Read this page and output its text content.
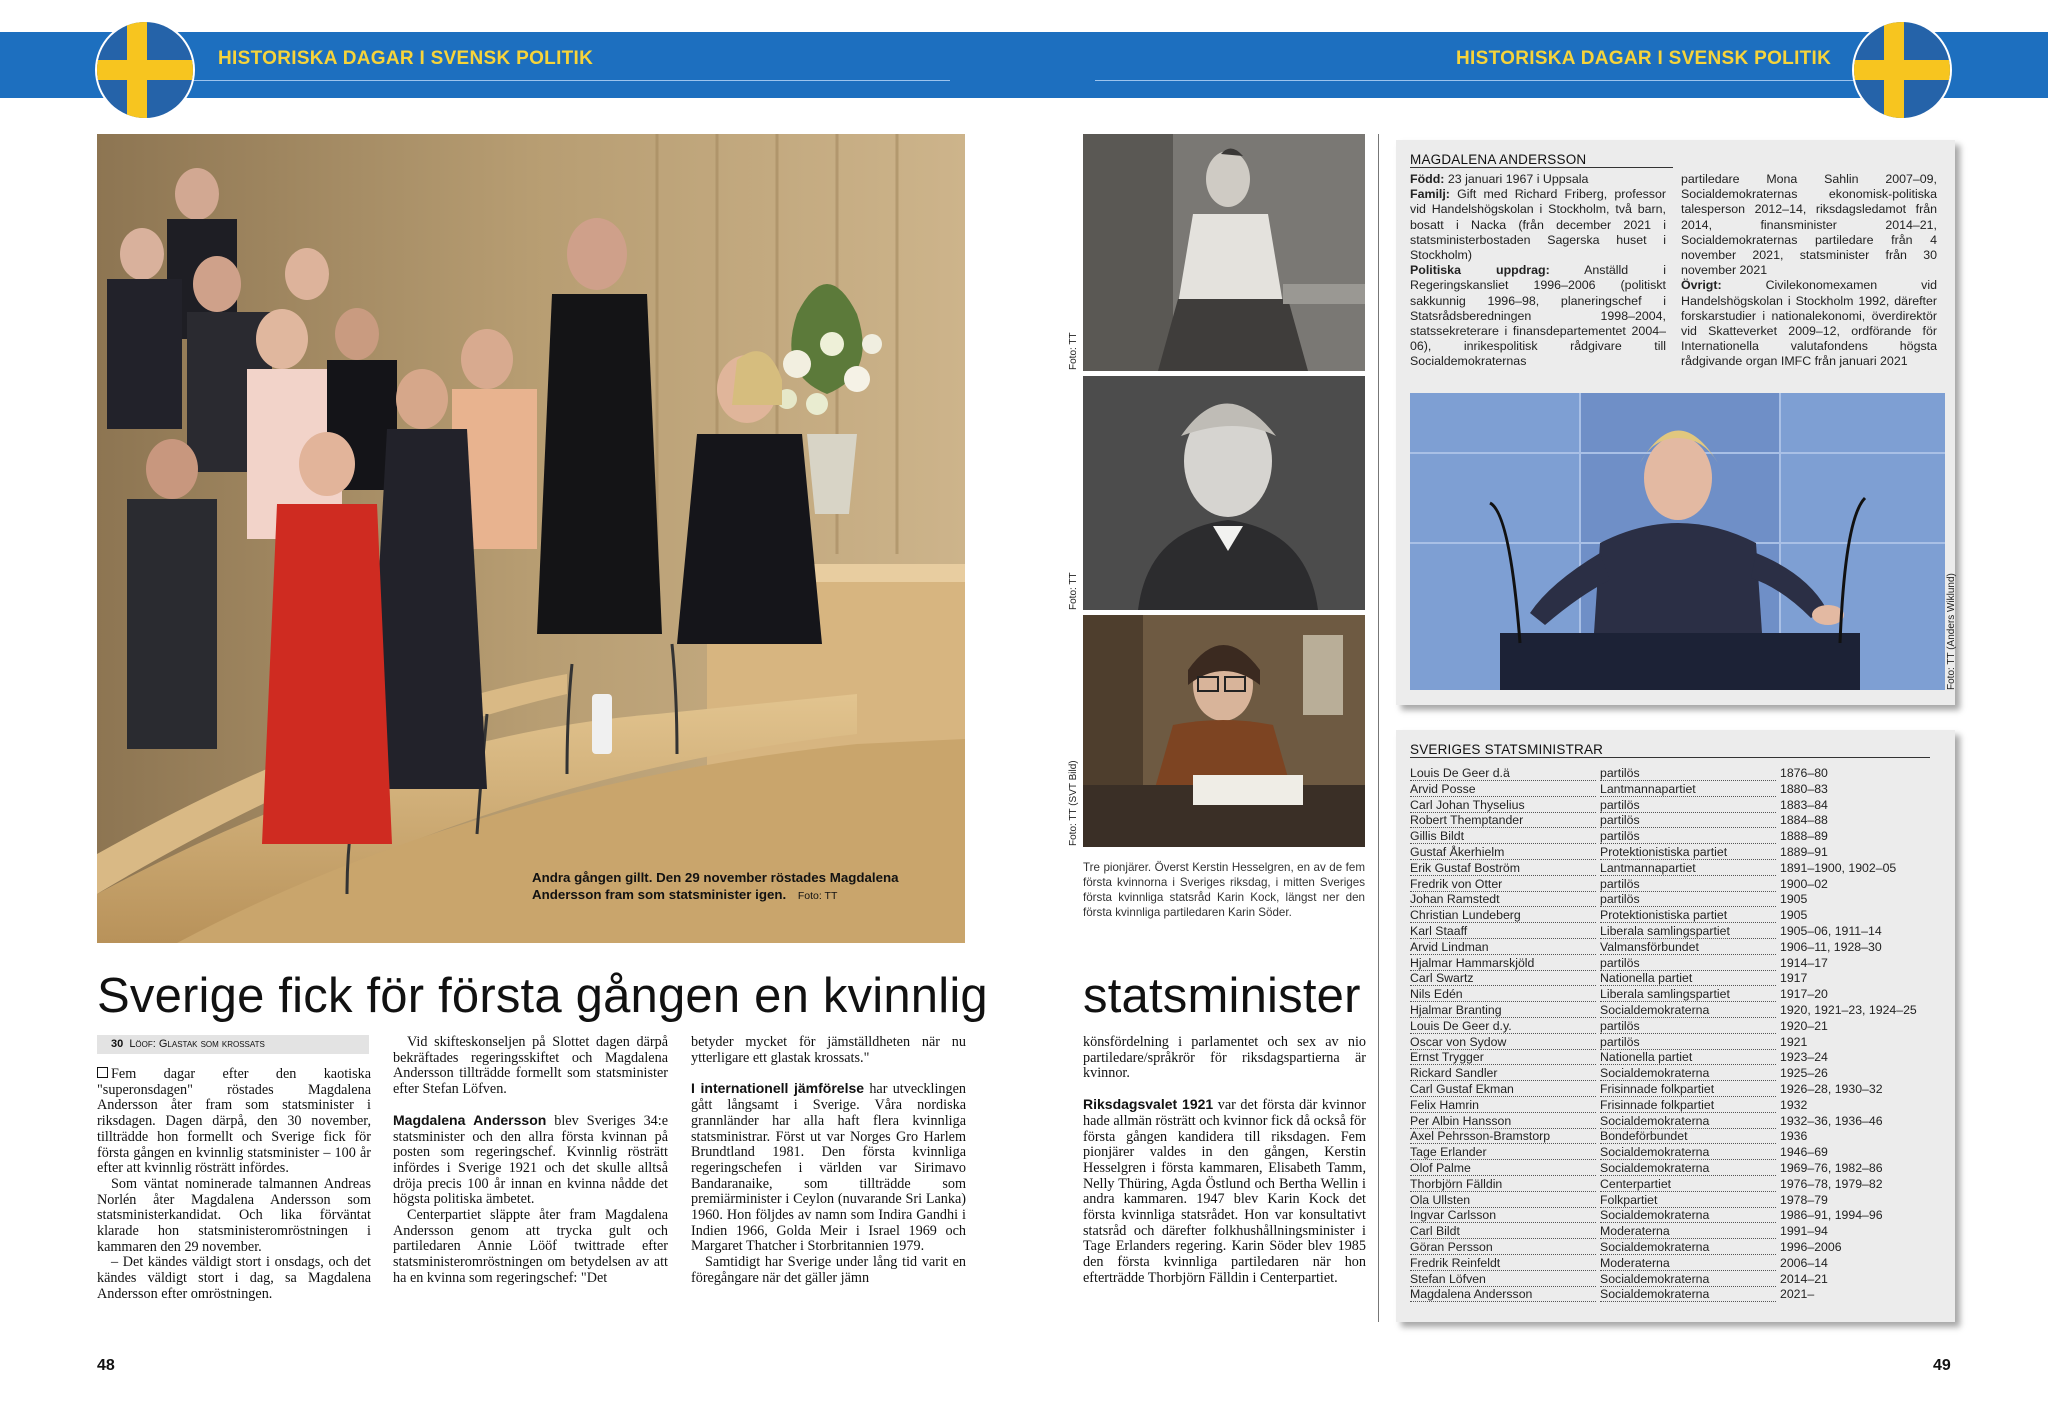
HISTORISKA DAGAR I SVENSK POLITIK	HISTORISKA DAGAR I SVENSK POLITIK
Andra gången gillt. Den 29 november röstades Magdalena Andersson fram som statsminister igen. Foto: TT
Sverige fick för första gången en kvinnlig statsminister
30 Löof: Glastak som krossats

Fem dagar efter den kaotiska "superonsdagen" röstades Magdalena Andersson åter fram som statsminister i riksdagen. Dagen därpå, den 30 november, tillträdde hon formellt och Sverige fick för första gången en kvinnlig statsminister – 100 år efter att kvinnlig rösträtt infördes.

Som väntat nominerade talmannen Andreas Norlén åter Magdalena Andersson som statsministerkandidat. Och lika förväntat klarade hon statsministeromröstningen i kammaren den 29 november.

– Det kändes väldigt stort i onsdags, och det kändes väldigt stort i dag, sa Magdalena Andersson efter omröstningen.

Vid skifteskonseljen på Slottet dagen därpå bekräftades regeringsskiftet och Magdalena Andersson tillträdde formellt som statsminister efter Stefan Löfven.

Magdalena Andersson blev Sveriges 34:e statsminister och den allra första kvinnan på posten som regeringschef. Kvinnlig rösträtt infördes i Sverige 1921 och det skulle alltså dröja precis 100 år innan en kvinna nådde det högsta politiska ämbetet.

Centerpartiet släppte åter fram Magdalena Andersson genom att trycka gult och partiledaren Annie Lööf twittrade efter statsministeromröstningen om betydelsen av att ha en kvinna som regeringschef: "Det

betyder mycket för jämställdheten när nu ytterligare ett glastak krossats."

I internationell jämförelse har utvecklingen gått långsamt i Sverige. Våra nordiska grannländer har alla haft flera kvinnliga statsministrar. Först ut var Norges Gro Harlem Brundtland 1981. Den första kvinnliga regeringschefen i världen var Sirimavo Bandaranaike, som tillträdde som premiärminister i Ceylon (nuvarande Sri Lanka) 1960. Hon följdes av namn som Indira Gandhi i Indien 1966, Golda Meir i Israel 1969 och Margaret Thatcher i Storbritannien 1979.

Samtidigt har Sverige under lång tid varit en föregångare när det gäller jämn

könsfördelning i parlamentet och sex av nio partiledare/språkrör för riksdagspartierna är kvinnor.

Riksdagsvalet 1921 var det första där kvinnor hade allmän rösträtt och kvinnor fick då också för första gången kandidera till riksdagen. Fem pionjärer valdes in den gången, Kerstin Hesselgren i första kammaren, Elisabeth Tamm, Nelly Thüring, Agda Östlund och Bertha Wellin i andra kammaren. 1947 blev Karin Kock det första kvinnliga statsrådet. Hon var konsultativt statsråd och därefter folkhushållningsminister i Tage Erlanders regering. Karin Söder blev 1985 den första kvinnliga partiledaren när hon efterträdde Thorbjörn Fälldin i Centerpartiet.

Foto: TT
Foto: TT
Foto: TT (SVT Bild)
Tre pionjärer. Överst Kerstin Hesselgren, en av de fem första kvinnorna i Sveriges riksdag, i mitten Sveriges första kvinnliga statsråd Karin Kock, längst ner den första kvinnliga partiledaren Karin Söder.
MAGDALENA ANDERSSON
Född: 23 januari 1967 i Uppsala
Familj: Gift med Richard Friberg, professor vid Handelshögskolan i Stockholm, två barn, bosatt i Nacka (från december 2021 i statsministerbostaden Sagerska huset i Stockholm)
Politiska uppdrag:	Anställd i Regeringskansliet 1996–2006 (politiskt sakkunnig 1996–98, planeringschef i Statsrådsberedningen 1998–2004, statssekreterare i finansdepartementet 2004–06), inrikespolitisk rådgivare till Socialdemokraternas
partiledare Mona Sahlin 2007–09, Socialdemokraternas ekonomisk-politiska talesperson 2012–14, riksdagsledamot från 2014, finansminister 2014–21, Socialdemokraternas partiledare från 4 november 2021, statsminister från 30 november 2021
Övrigt:	Civilekonomexamen vid Handelshögskolan i Stockholm 1992, därefter forskarstudier i nationalekonomi, överdirektör vid Skatteverket 2009–12, ordförande för Internationella valutafondens högsta rådgivande organ IMFC från januari 2021
Foto: TT (Anders Wiklund)
SVERIGES STATSMINISTRAR
Louis De Geer d.ä	partilös	1876–80
Arvid Posse	Lantmannapartiet	1880–83
Carl Johan Thyselius	partilös	1883–84
Robert Themptander	partilös	1884–88
Gillis Bildt	partilös	1888–89
Gustaf Åkerhielm	Protektionistiska partiet	1889–91
Erik Gustaf Boström	Lantmannapartiet	1891–1900, 1902–05
Fredrik von Otter	partilös	1900–02
Johan Ramstedt	partilös	1905
Christian Lundeberg	Protektionistiska partiet	1905
Karl Staaff	Liberala samlingspartiet	1905–06, 1911–14
Arvid Lindman	Valmansförbundet	1906–11, 1928–30
Hjalmar Hammarskjöld	partilös	1914–17
Carl Swartz	Nationella partiet	1917
Nils Edén	Liberala samlingspartiet	1917–20
Hjalmar Branting	Socialdemokraterna	1920, 1921–23, 1924–25
Louis De Geer d.y.	partilös	1920–21
Oscar von Sydow	partilös	1921
Ernst Trygger	Nationella partiet	1923–24
Rickard Sandler	Socialdemokraterna	1925–26
Carl Gustaf Ekman	Frisinnade folkpartiet	1926–28, 1930–32
Felix Hamrin	Frisinnade folkpartiet	1932
Per Albin Hansson	Socialdemokraterna	1932–36, 1936–46
Axel Pehrsson-Bramstorp	Bondeförbundet	1936
Tage Erlander	Socialdemokraterna	1946–69
Olof Palme	Socialdemokraterna	1969–76, 1982–86
Thorbjörn Fälldin	Centerpartiet	1976–78, 1979–82
Ola Ullsten	Folkpartiet	1978–79
Ingvar Carlsson	Socialdemokraterna	1986–91, 1994–96
Carl Bildt	Moderaterna	1991–94
Göran Persson	Socialdemokraterna	1996–2006
Fredrik Reinfeldt	Moderaterna	2006–14
Stefan Löfven	Socialdemokraterna	2014–21
Magdalena Andersson	Socialdemokraterna	2021–
48	49
